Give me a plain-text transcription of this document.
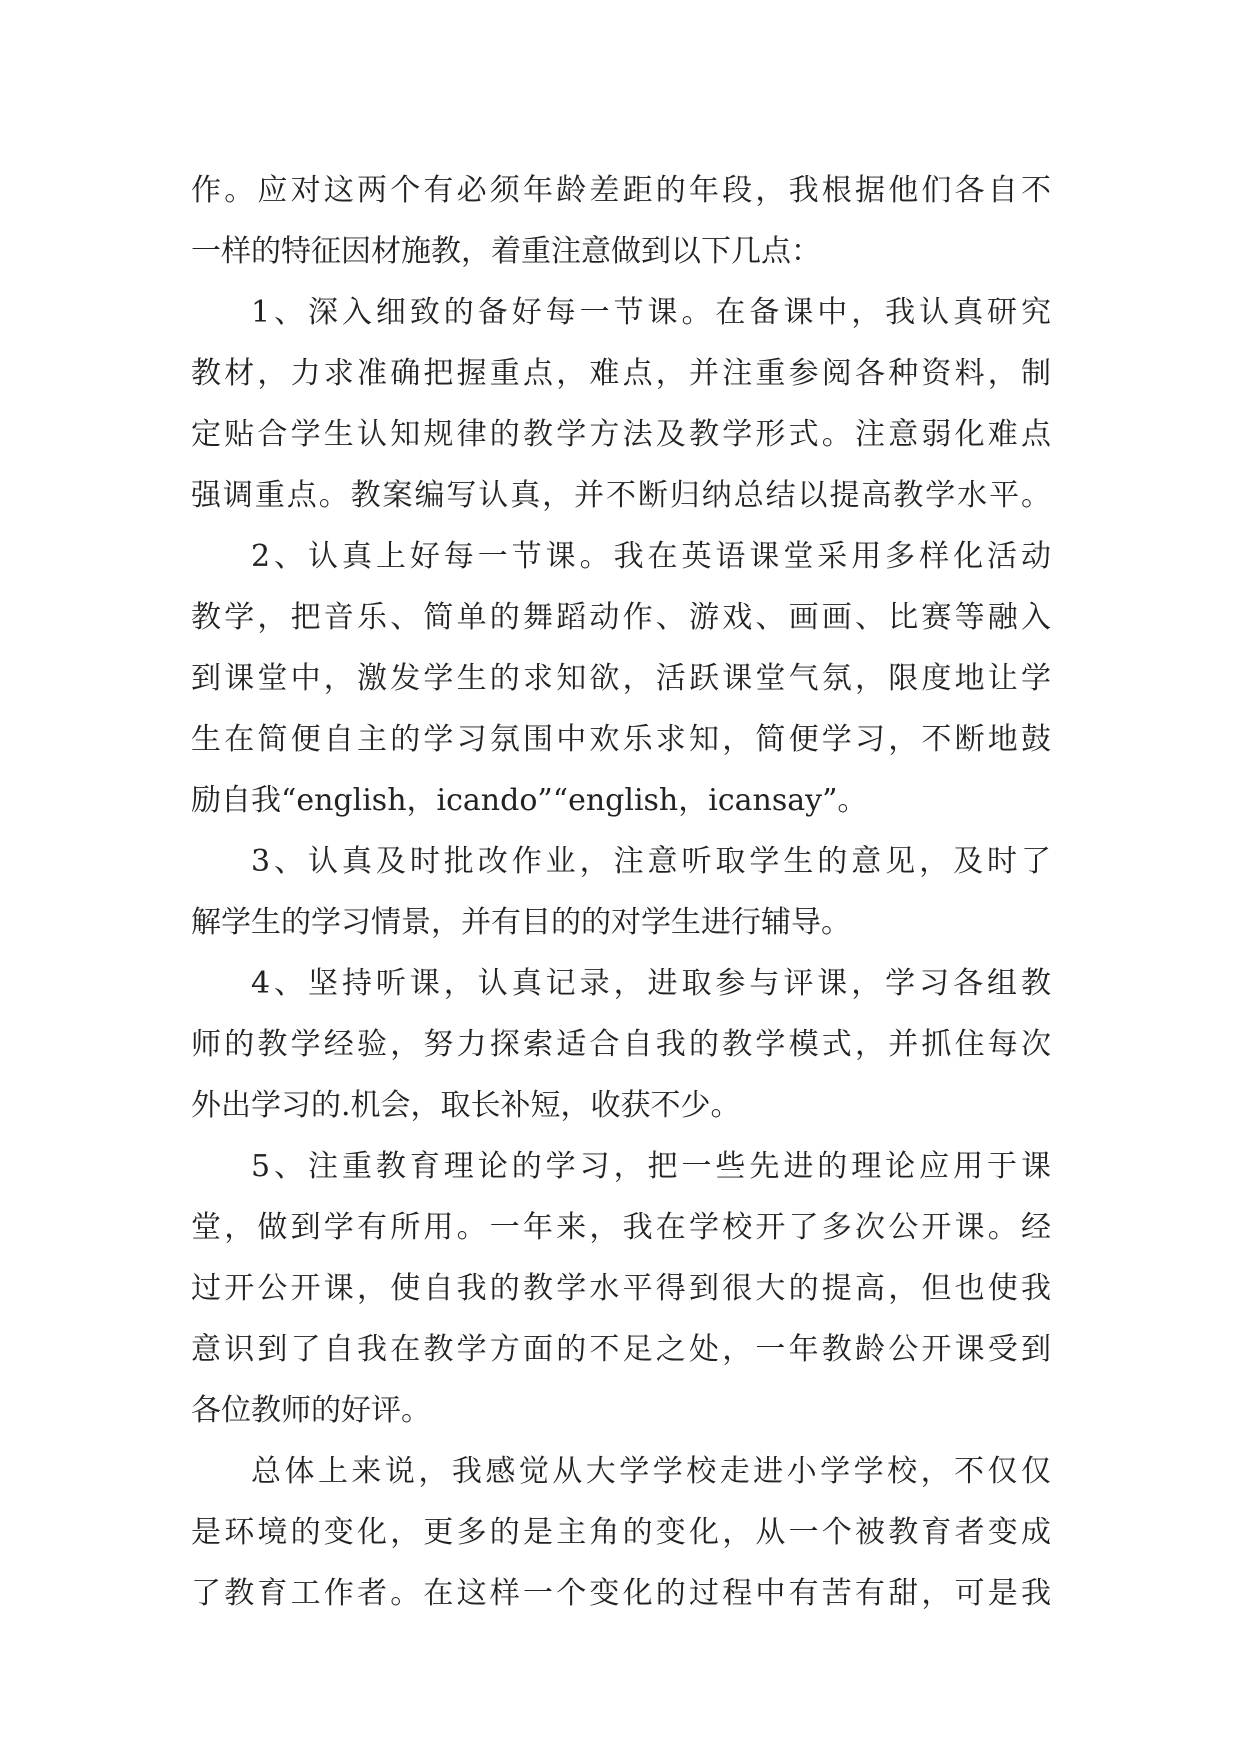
作。应对这两个有必须年龄差距的年段，我根据他们各自不
一样的特征因材施教，着重注意做到以下几点：
1、深入细致的备好每一节课。在备课中，我认真研究
教材，力求准确把握重点，难点，并注重参阅各种资料，制
定贴合学生认知规律的教学方法及教学形式。注意弱化难点
强调重点。教案编写认真，并不断归纳总结以提高教学水平。
2、认真上好每一节课。我在英语课堂采用多样化活动
教学，把音乐、简单的舞蹈动作、游戏、画画、比赛等融入
到课堂中，激发学生的求知欲，活跃课堂气氛，限度地让学
生在简便自主的学习氛围中欢乐求知，简便学习，不断地鼓
励自我“english，icando”“english，icansay”。
3、认真及时批改作业，注意听取学生的意见，及时了
解学生的学习情景，并有目的的对学生进行辅导。
4、坚持听课，认真记录，进取参与评课，学习各组教
师的教学经验，努力探索适合自我的教学模式，并抓住每次
外出学习的.机会，取长补短，收获不少。
5、注重教育理论的学习，把一些先进的理论应用于课
堂，做到学有所用。一年来，我在学校开了多次公开课。经
过开公开课，使自我的教学水平得到很大的提高，但也使我
意识到了自我在教学方面的不足之处，一年教龄公开课受到
各位教师的好评。
总体上来说，我感觉从大学学校走进小学学校，不仅仅
是环境的变化，更多的是主角的变化，从一个被教育者变成
了教育工作者。在这样一个变化的过程中有苦有甜，可是我
